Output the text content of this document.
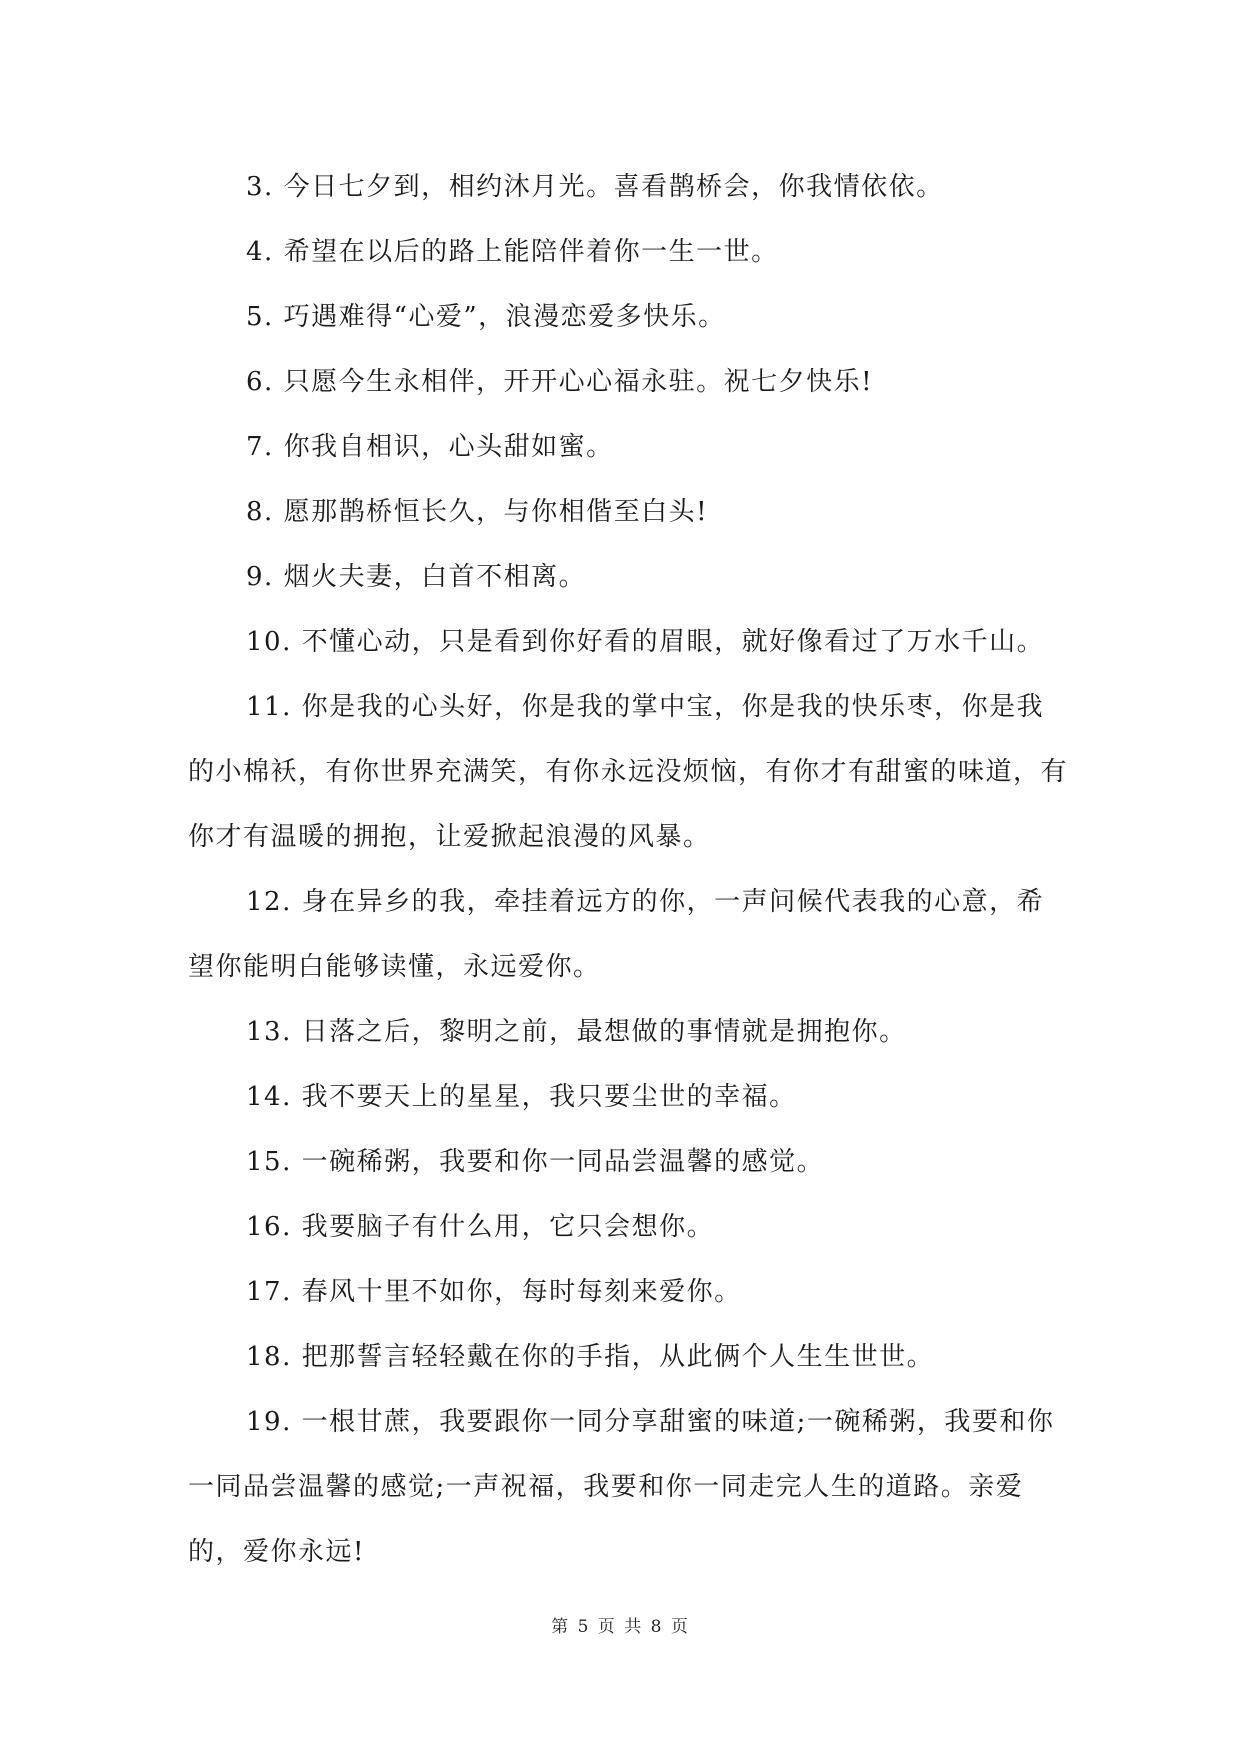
3. 今日七夕到，相约沐月光。喜看鹊桥会，你我情依依。

4. 希望在以后的路上能陪伴着你一生一世。

5. 巧遇难得“心爱”，浪漫恋爱多快乐。

6. 只愿今生永相伴，开开心心福永驻。祝七夕快乐!

7. 你我自相识，心头甜如蜜。

8. 愿那鹊桥恒长久，与你相偕至白头!

9. 烟火夫妻，白首不相离。

10. 不懂心动，只是看到你好看的眉眼，就好像看过了万水千山。

11. 你是我的心头好，你是我的掌中宝，你是我的快乐枣，你是我的小棉袄，有你世界充满笑，有你永远没烦恼，有你才有甜蜜的味道，有你才有温暖的拥抱，让爱掀起浪漫的风暴。

12. 身在异乡的我，牵挂着远方的你，一声问候代表我的心意，希望你能明白能够读懂，永远爱你。

13. 日落之后，黎明之前，最想做的事情就是拥抱你。

14. 我不要天上的星星，我只要尘世的幸福。

15. 一碗稀粥，我要和你一同品尝温馨的感觉。

16. 我要脑子有什么用，它只会想你。

17. 春风十里不如你，每时每刻来爱你。

18. 把那誓言轻轻戴在你的手指，从此俩个人生生世世。

19. 一根甘蔗，我要跟你一同分享甜蜜的味道;一碗稀粥，我要和你一同品尝温馨的感觉;一声祝福，我要和你一同走完人生的道路。亲爱的，爱你永远!

第 5 页 共 8 页
